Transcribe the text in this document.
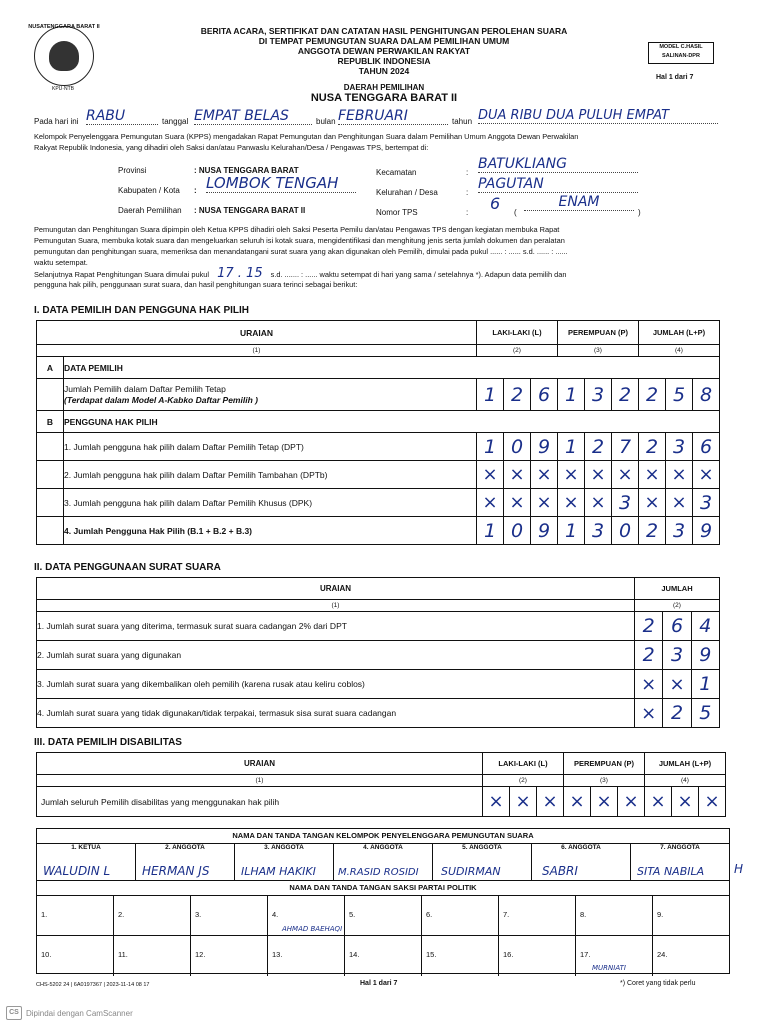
NUSATENGGARA BARAT II
KPU·NTB
BERITA ACARA, SERTIFIKAT DAN CATATAN HASIL PENGHITUNGAN PEROLEHAN SUARA
DI TEMPAT PEMUNGUTAN SUARA DALAM PEMILIHAN UMUM
ANGGOTA DEWAN PERWAKILAN RAKYAT
REPUBLIK INDONESIA
TAHUN 2024
MODEL C.HASIL
SALINAN-DPR
Hal 1 dari 7
DAERAH PEMILIHAN
NUSA TENGGARA BARAT II
Pada hari ini RABU	tanggal EMPAT BELAS	bulan FEBRUARI	tahun DUA RIBU DUA PULUH EMPAT
Kelompok Penyelenggara Pemungutan Suara (KPPS) mengadakan Rapat Pemungutan dan Penghitungan Suara dalam Pemilihan Umum Anggota Dewan Perwakilan
Rakyat Republik Indonesia, yang dihadiri oleh Saksi dan/atau Panwaslu Kelurahan/Desa / Pengawas TPS, bertempat di:
Provinsi	: NUSA TENGGARA BARAT
Kabupaten / Kota : LOMBOK TENGAH
Daerah Pemilihan : NUSA TENGGARA BARAT II
Kecamatan	:
BATUKLIANG
Kelurahan / Desa	:
PAGUTAN
Nomor TPS	: 6 (
ENAM
)
Pemungutan dan Penghitungan Suara dipimpin oleh Ketua KPPS dihadiri oleh Saksi Peserta Pemilu dan/atau Pengawas TPS dengan kegiatan membuka Rapat
Pemungutan Suara, membuka kotak suara dan mengeluarkan seluruh isi kotak suara, mengidentifikasi dan menghitung jenis serta jumlah dokumen dan peralatan
pemungutan dan penghitungan suara, memeriksa dan menandatangani surat suara yang akan digunakan oleh Pemilih, dimulai pada pukul ...... : ...... s.d. ...... : ......
waktu setempat.
Selanjutnya Rapat Penghitungan Suara dimulai pukul 17 . 15 s.d. ....... : ...... waktu setempat di hari yang sama / setelahnya *). Adapun data pemilih dan
pengguna hak pilih, penggunaan surat suara, dan hasil penghitungan suara terinci sebagai berikut:
I. DATA PEMILIH DAN PENGGUNA HAK PILIH
URAIAN		LAKI-LAKI (L)			PEREMPUAN (P)			JUMLAH (L+P)		
(1)		(2)			(3)			(4)		
A	DATA PEMILIH									

	Jumlah Pemilih dalam Daftar Pemilih Tetap
(Terdapat dalam Model A-Kabko Daftar Pemilih )	1	2	6	1	3	2	2	5	8
B	PENGGUNA HAK PILIH									
	1. Jumlah pengguna hak pilih dalam Daftar Pemilih Tetap (DPT)	1	0	9	1	2	7	2	3	6
	2. Jumlah pengguna hak pilih dalam Daftar Pemilih Tambahan (DPTb)	×	×	×	×	×	×	×	×	×
	3. Jumlah pengguna hak pilih dalam Daftar Pemilih Khusus (DPK)	×	×	×	×	×	3	×	×	3
	4. Jumlah Pengguna Hak Pilih (B.1 + B.2 + B.3)	1	0	9	1	3	0	2	3	9
II. DATA PENGGUNAAN SURAT SUARA
URAIAN	JUMLAH		
(1)	(2)		
1. Jumlah surat suara yang diterima, termasuk surat suara cadangan 2% dari DPT	2	6	4
2. Jumlah surat suara yang digunakan	2	3	9
3. Jumlah surat suara yang dikembalikan oleh pemilih (karena rusak atau keliru coblos)	×	×	1
4. Jumlah surat suara yang tidak digunakan/tidak terpakai, termasuk sisa surat suara cadangan	×	2	5
III. DATA PEMILIH DISABILITAS
URAIAN	LAKI-LAKI (L)			PEREMPUAN (P)			JUMLAH (L+P)		
(1)	(2)			(3)			(4)		
Jumlah seluruh Pemilih disabilitas yang menggunakan hak pilih	×	×	×	×	×	×	×	×	×
NAMA DAN TANDA TANGAN KELOMPOK PENYELENGGARA PEMUNGUTAN SUARA
1. KETUA
WALUDIN L
2. ANGGOTA
HERMAN JS
3. ANGGOTA
ILHAM HAKIKI
4. ANGGOTA
M.RASID ROSIDI
5. ANGGOTA
SUDIRMAN
6. ANGGOTA
SABRI
7. ANGGOTA
SITA NABILA
NAMA DAN TANDA TANGAN SAKSI PARTAI POLITIK
1.	2.	3.	4.
AHMAD BAEHAQI
5.	6.	7.	8.	9.
10.	11.	12.	13.	14.	15.	16.	17.
MURNIATI
24.
H
CHS-5202 24 | 6A0197367 | 2023-11-14 08 17	Hal 1 dari 7	*) Coret yang tidak perlu
CS Dipindai dengan CamScanner
